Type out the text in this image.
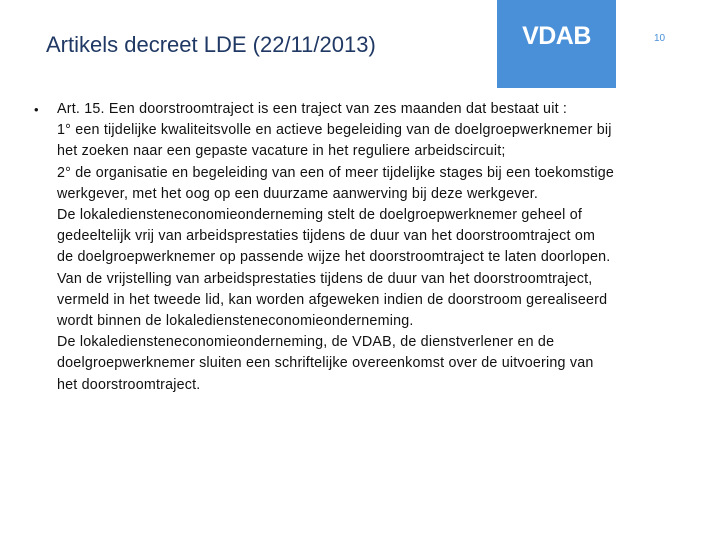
Artikels decreet LDE (22/11/2013)	VDAB	10
• Art. 15. Een doorstroomtraject is een traject van zes maanden dat bestaat uit :
1° een tijdelijke kwaliteitsvolle en actieve begeleiding van de doelgroepwerknemer bij
het zoeken naar een gepaste vacature in het reguliere arbeidscircuit;
2° de organisatie en begeleiding van een of meer tijdelijke stages bij een toekomstige
werkgever, met het oog op een duurzame aanwerving bij deze werkgever.
De lokalediensteneconomieonderneming stelt de doelgroepwerknemer geheel of
gedeeltelijk vrij van arbeidsprestaties tijdens de duur van het doorstroomtraject om
de doelgroepwerknemer op passende wijze het doorstroomtraject te laten doorlopen.
Van de vrijstelling van arbeidsprestaties tijdens de duur van het doorstroomtraject,
vermeld in het tweede lid, kan worden afgeweken indien de doorstroom gerealiseerd
wordt binnen de lokalediensteneconomieonderneming.
De lokalediensteneconomieonderneming, de VDAB, de dienstverlener en de
doelgroepwerknemer sluiten een schriftelijke overeenkomst over de uitvoering van
het doorstroomtraject.
